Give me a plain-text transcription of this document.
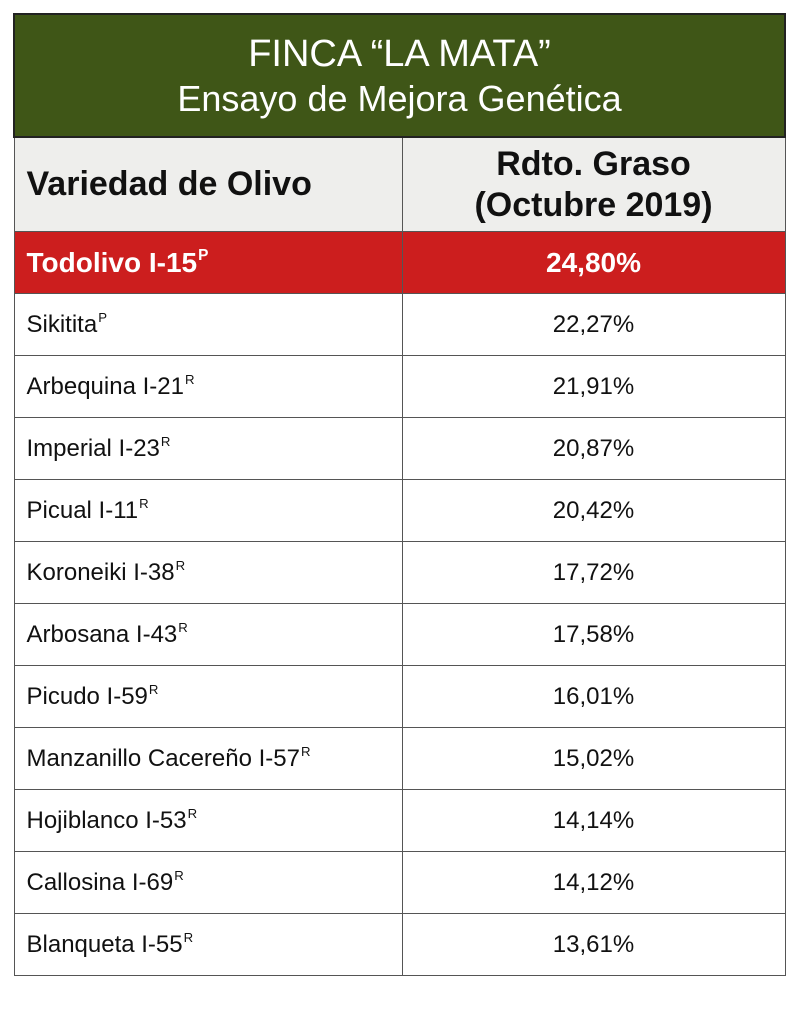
FINCA “LA MATA”
Ensayo de Mejora Genética	

Variedad de Olivo	Rdto. Graso
(Octubre 2019)

Todolivo $I-15^P$	24,80%
Sikitita$^P$	22,27%
Arbequina $I-21^R$	21,91%
Imperial $I-23^R$	20,87%
Picual $I-11^R$	20,42%
Koroneiki $I-38^R$	17,72%
Arbosana $I-43^R$	17,58%
Picudo $I-59^R$	16,01%
Manzanillo Cacereño $I-57^R$	15,02%
Hojiblanco $I-53^R$	14,14%
Callosina $I-69^R$	14,12%
Blanqueta $I-55^R$	13,61%
